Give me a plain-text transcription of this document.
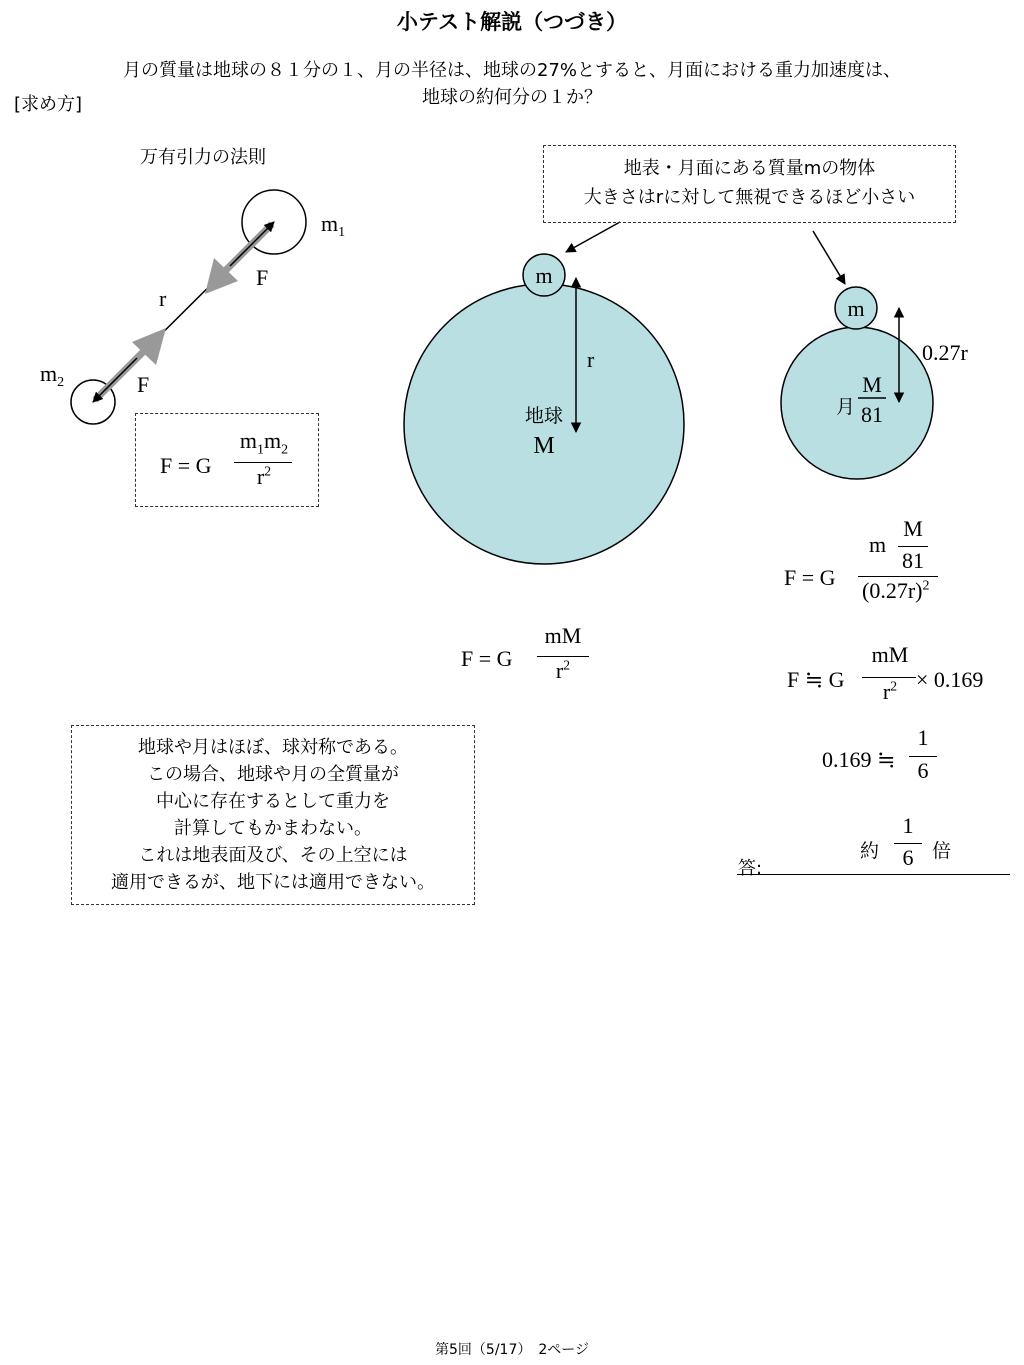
小テスト解説（つづき）
月の質量は地球の８１分の１、月の半径は、地球の27%とすると、月面における重力加速度は、
地球の約何分の１か？
[求め方]
万有引力の法則
$m_1$
$m_2$
r
F
F
m
r
地球
M
m
0.27r
月
M
81
地表・月面にある質量mの物体
大きさはrに対して無視できるほど小さい
F = G
$m_1m_2$
$r^2$
F = G
mM
$r^2$
F = G
m
M
81
$(0.27r)^2$
F ≒ G
mM
$r^2 \times 0.169$
0.169 ≒
1
6
答:
約
1
6 倍
地球や月はほぼ、球対称である。
この場合、地球や月の全質量が
中心に存在するとして重力を
計算してもかまわない。
これは地表面及び、その上空には
適用できるが、地下には適用できない。
第5回（5/17）　2ページ
